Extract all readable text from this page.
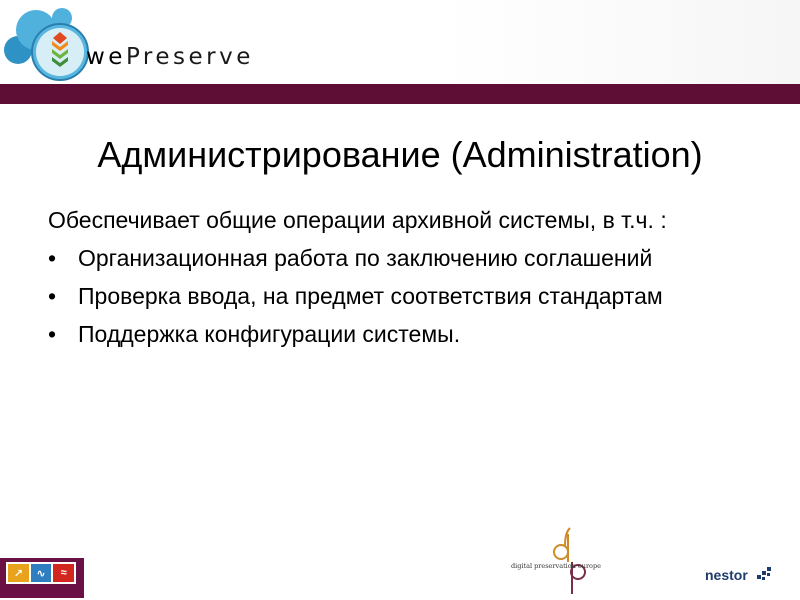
wePreserve
Администрирование (Administration)

Обеспечивает общие операции архивной системы, в т.ч. :

• Организационная работа по заключению соглашений
• Проверка ввода, на предмет соответствия стандартам
• Поддержка конфигурации системы.
↗	∿	≈
digital preservation europe
nestor
